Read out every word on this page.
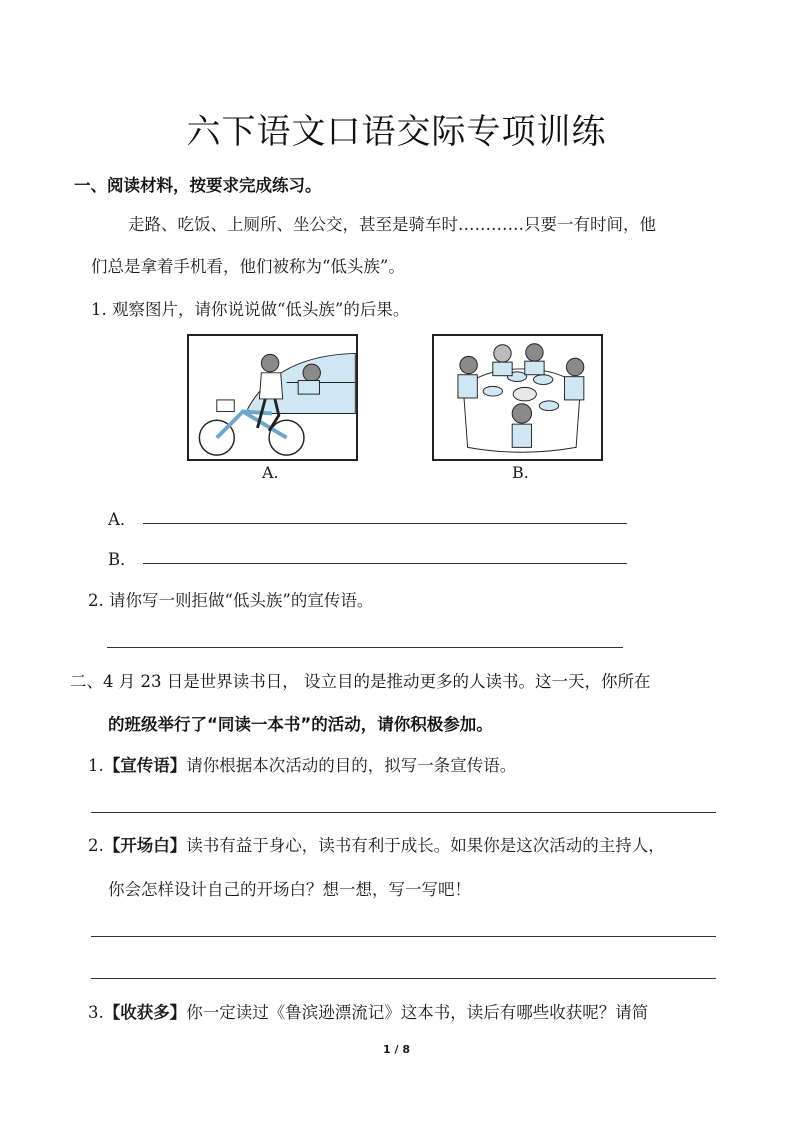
六下语文口语交际专项训练
一、阅读材料，按要求完成练习。
走路、吃饭、上厕所、坐公交，甚至是骑车时…………只要一有时间，他
们总是拿着手机看，他们被称为“低头族”。
1. 观察图片，请你说说做“低头族”的后果。
A.	B.
A．
B．
2. 请你写一则拒做“低头族”的宣传语。
二、4 月 23 日是世界读书日， 设立目的是推动更多的人读书。这一天，你所在
的班级举行了“同读一本书”的活动，请你积极参加。
1.【宣传语】请你根据本次活动的目的，拟写一条宣传语。
2.【开场白】读书有益于身心，读书有利于成长。如果你是这次活动的主持人，
你会怎样设计自己的开场白？想一想，写一写吧！
3.【收获多】你一定读过《鲁滨逊漂流记》这本书，读后有哪些收获呢？请简
1 / 8
